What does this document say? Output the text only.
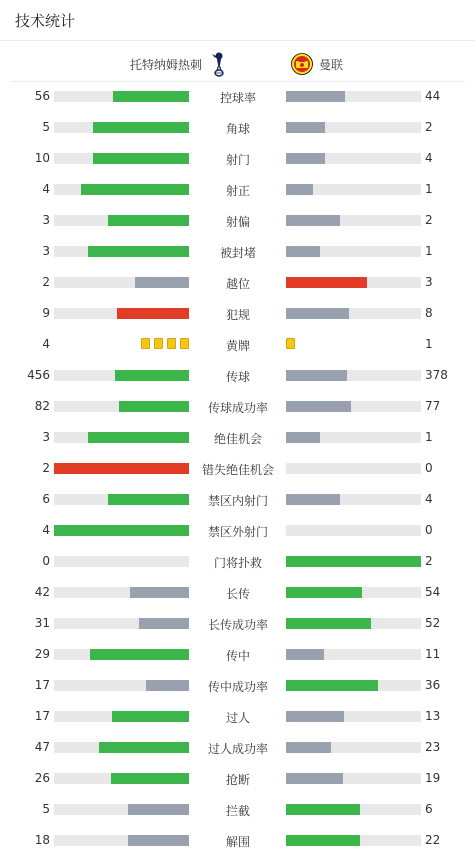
技术统计
托特纳姆热刺	曼联
56	控球率	44
5	角球	2
10	射门	4
4	射正	1
3	射偏	2
3	被封堵	1
2	越位	3
9	犯规	8
4	黄牌	1
456	传球	378
82	传球成功率	77
3	绝佳机会	1
2	错失绝佳机会	0
6	禁区内射门	4
4	禁区外射门	0
0	门将扑救	2
42	长传	54
31	长传成功率	52
29	传中	11
17	传中成功率	36
17	过人	13
47	过人成功率	23
26	抢断	19
5	拦截	6
18	解围	22
